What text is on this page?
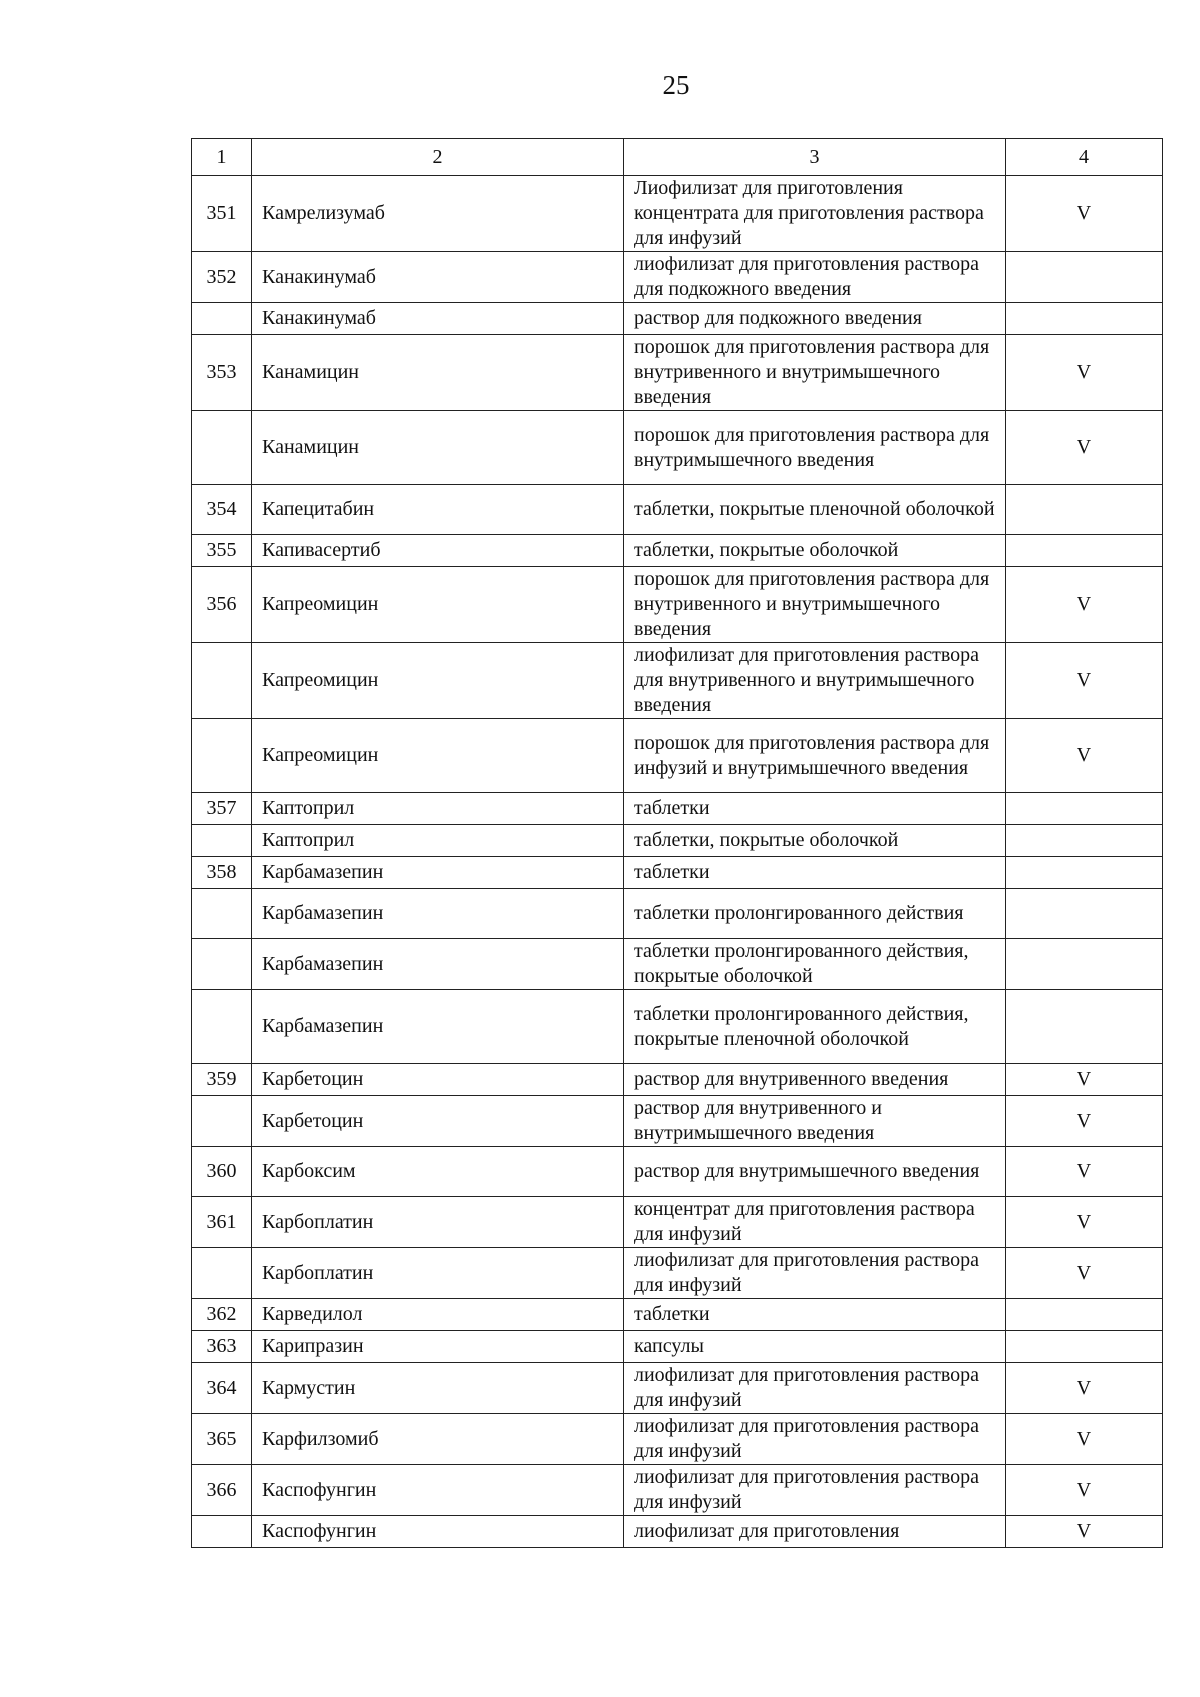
25
1	2	3	4
351	Камрелизумаб	Лиофилизат для приготовления концентрата для приготовления раствора для инфузий	V
352	Канакинумаб	лиофилизат для приготовления раствора для подкожного введения	
	Канакинумаб	раствор для подкожного введения	
353	Канамицин	порошок для приготовления раствора для внутривенного и внутримышечного введения	V
	Канамицин	порошок для приготовления раствора для внутримышечного введения	V
354	Капецитабин	таблетки, покрытые пленочной оболочкой	
355	Капивасертиб	таблетки, покрытые оболочкой	
356	Капреомицин	порошок для приготовления раствора для внутривенного и внутримышечного введения	V
	Капреомицин	лиофилизат для приготовления раствора для внутривенного и внутримышечного введения	V
	Капреомицин	порошок для приготовления раствора для инфузий и внутримышечного введения	V
357	Каптоприл	таблетки	
	Каптоприл	таблетки, покрытые оболочкой	
358	Карбамазепин	таблетки	
	Карбамазепин	таблетки пролонгированного действия	
	Карбамазепин	таблетки пролонгированного действия, покрытые оболочкой	
	Карбамазепин	таблетки пролонгированного действия, покрытые пленочной оболочкой	
359	Карбетоцин	раствор для внутривенного введения	V
	Карбетоцин	раствор для внутривенного и внутримышечного введения	V
360	Карбоксим	раствор для внутримышечного введения	V
361	Карбоплатин	концентрат для приготовления раствора для инфузий	V
	Карбоплатин	лиофилизат для приготовления раствора для инфузий	V
362	Карведилол	таблетки	
363	Карипразин	капсулы	
364	Кармустин	лиофилизат для приготовления раствора для инфузий	V
365	Карфилзомиб	лиофилизат для приготовления раствора для инфузий	V
366	Каспофунгин	лиофилизат для приготовления раствора для инфузий	V
	Каспофунгин	лиофилизат для приготовления	V
